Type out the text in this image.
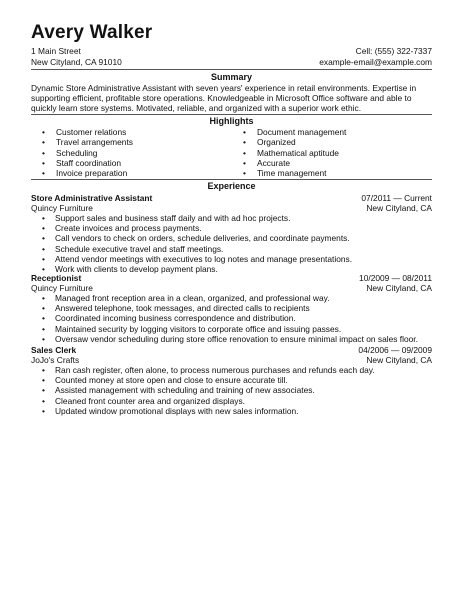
Avery Walker
1 Main Street
New Cityland, CA 91010
Cell: (555) 322-7337
example-email@example.com
Summary
Dynamic Store Administrative Assistant with seven years' experience in retail environments. Expertise in supporting efficient, profitable store operations. Knowledgeable in Microsoft Office software and able to quickly learn store systems. Motivated, reliable, and organized with a superior work ethic.
Highlights
• Customer relations
• Travel arrangements
• Scheduling
• Staff coordination
• Invoice preparation
• Document management
• Organized
• Mathematical aptitude
• Accurate
• Time management
Experience
Store Administrative Assistant	07/2011 — Current
Quincy Furniture	New Cityland, CA
• Support sales and business staff daily and with ad hoc projects.
• Create invoices and process payments.
• Call vendors to check on orders, schedule deliveries, and coordinate payments.
• Schedule executive travel and staff meetings.
• Attend vendor meetings with executives to log notes and manage presentations.
• Work with clients to develop payment plans.
Receptionist	10/2009 — 08/2011
Quincy Furniture	New Cityland, CA
• Managed front reception area in a clean, organized, and professional way.
• Answered telephone, took messages, and directed calls to recipients
• Coordinated incoming business correspondence and distribution.
• Maintained security by logging visitors to corporate office and issuing passes.
• Oversaw vendor scheduling during store office renovation to ensure minimal impact on sales floor.
Sales Clerk	04/2006 — 09/2009
JoJo's Crafts	New Cityland, CA
• Ran cash register, often alone, to process numerous purchases and refunds each day.
• Counted money at store open and close to ensure accurate till.
• Assisted management with scheduling and training of new associates.
• Cleaned front counter area and organized displays.
• Updated window promotional displays with new sales information.
